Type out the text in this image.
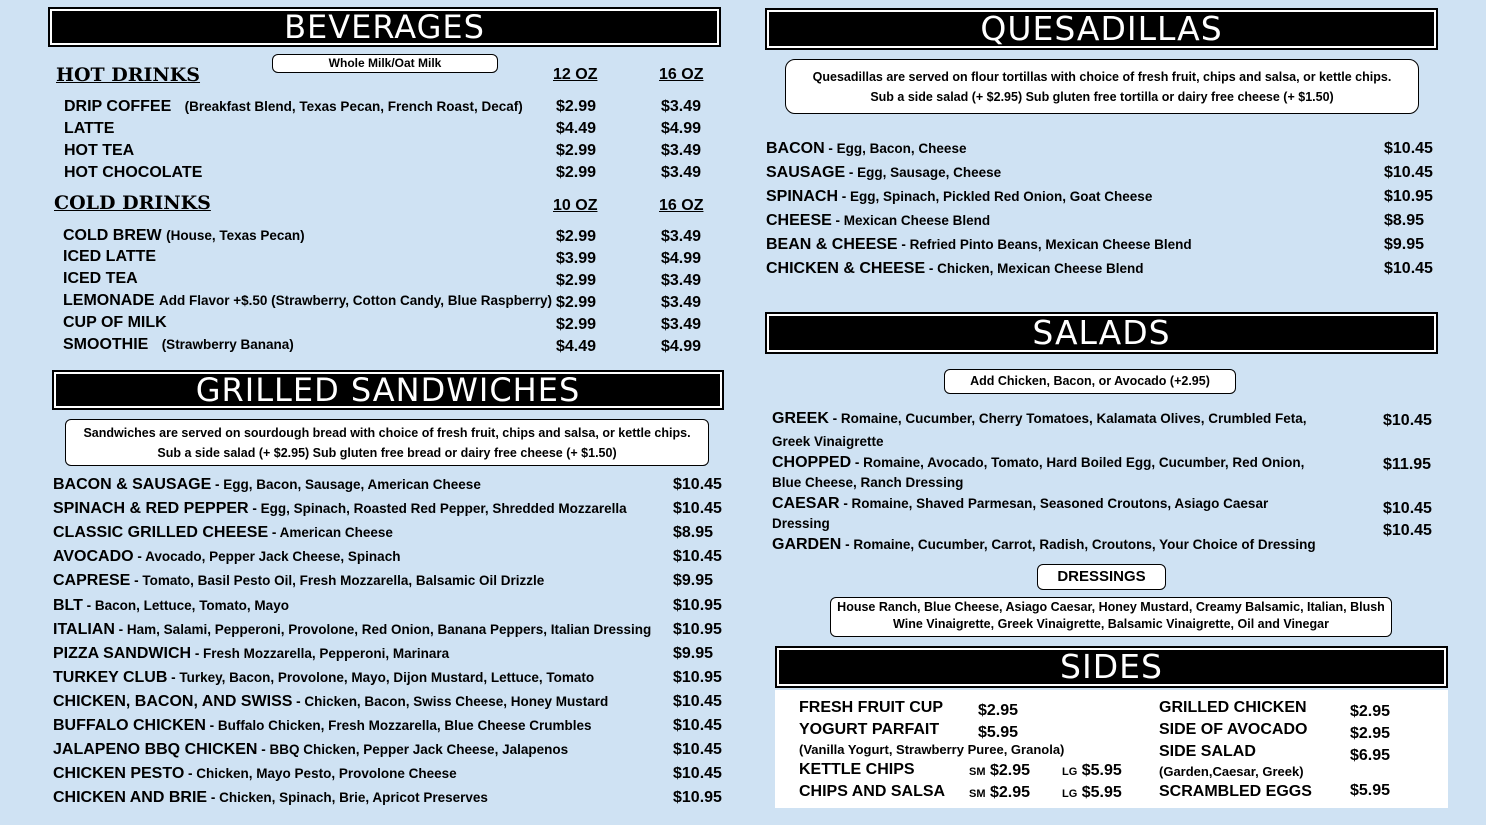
BEVERAGES
Whole Milk/Oat Milk
HOT DRINKS	12 OZ	16 OZ
DRIP COFFEE (Breakfast Blend, Texas Pecan, French Roast, Decaf) $2.99	$3.49
LATTE	$4.49	$4.99
HOT TEA	$2.99	$3.49
HOT CHOCOLATE	$2.99	$3.49
COLD DRINKS	10 OZ	16 OZ
COLD BREW (House, Texas Pecan)	$2.99	$3.49
ICED LATTE	$3.99	$4.99
ICED TEA	$2.99	$3.49
LEMONADE Add Flavor +$.50 (Strawberry, Cotton Candy, Blue Raspberry) $2.99	$3.49
CUP OF MILK	$2.99	$3.49
SMOOTHIE (Strawberry Banana)	$4.49	$4.99
GRILLED SANDWICHES
Sandwiches are served on sourdough bread with choice of fresh fruit, chips and salsa, or kettle chips.
Sub a side salad (+ $2.95) Sub gluten free bread or dairy free cheese (+ $1.50)
BACON & SAUSAGE - Egg, Bacon, Sausage, American Cheese	$10.45
SPINACH & RED PEPPER - Egg, Spinach, Roasted Red Pepper, Shredded Mozzarella	$10.45
CLASSIC GRILLED CHEESE - American Cheese	$8.95
AVOCADO - Avocado, Pepper Jack Cheese, Spinach	$10.45
CAPRESE - Tomato, Basil Pesto Oil, Fresh Mozzarella, Balsamic Oil Drizzle	$9.95
BLT - Bacon, Lettuce, Tomato, Mayo	$10.95
ITALIAN - Ham, Salami, Pepperoni, Provolone, Red Onion, Banana Peppers, Italian Dressing $10.95
PIZZA SANDWICH - Fresh Mozzarella, Pepperoni, Marinara	$9.95
TURKEY CLUB - Turkey, Bacon, Provolone, Mayo, Dijon Mustard, Lettuce, Tomato	$10.95
CHICKEN, BACON, AND SWISS - Chicken, Bacon, Swiss Cheese, Honey Mustard	$10.45
BUFFALO CHICKEN - Buffalo Chicken, Fresh Mozzarella, Blue Cheese Crumbles	$10.45
JALAPENO BBQ CHICKEN - BBQ Chicken, Pepper Jack Cheese, Jalapenos	$10.45
CHICKEN PESTO - Chicken, Mayo Pesto, Provolone Cheese	$10.45
CHICKEN AND BRIE - Chicken, Spinach, Brie, Apricot Preserves	$10.95
QUESADILLAS
Quesadillas are served on flour tortillas with choice of fresh fruit, chips and salsa, or kettle chips.
Sub a side salad (+ $2.95) Sub gluten free tortilla or dairy free cheese (+ $1.50)
BACON - Egg, Bacon, Cheese	$10.45
SAUSAGE - Egg, Sausage, Cheese	$10.45
SPINACH - Egg, Spinach, Pickled Red Onion, Goat Cheese	$10.95
CHEESE - Mexican Cheese Blend	$8.95
BEAN & CHEESE - Refried Pinto Beans, Mexican Cheese Blend	$9.95
CHICKEN & CHEESE - Chicken, Mexican Cheese Blend	$10.45
SALADS
Add Chicken, Bacon, or Avocado (+2.95)
GREEK - Romaine, Cucumber, Cherry Tomatoes, Kalamata Olives, Crumbled Feta,
Greek Vinaigrette
$10.45
CHOPPED - Romaine, Avocado, Tomato, Hard Boiled Egg, Cucumber, Red Onion,
Blue Cheese, Ranch Dressing
$11.95
CAESAR - Romaine, Shaved Parmesan, Seasoned Croutons, Asiago Caesar
Dressing
$10.45
GARDEN - Romaine, Cucumber, Carrot, Radish, Croutons, Your Choice of Dressing
$10.45
DRESSINGS
House Ranch, Blue Cheese, Asiago Caesar, Honey Mustard, Creamy Balsamic, Italian, Blush Wine Vinaigrette, Greek Vinaigrette, Balsamic Vinaigrette, Oil and Vinegar
SIDES
FRESH FRUIT CUP $2.95
YOGURT PARFAIT $5.95
(Vanilla Yogurt, Strawberry Puree, Granola)
KETTLE CHIPS	SM $2.95	LG $5.95
CHIPS AND SALSA SM $2.95	LG $5.95
GRILLED CHICKEN	$2.95
SIDE OF AVOCADO	$2.95
SIDE SALAD	$6.95
(Garden,Caesar, Greek)
SCRAMBLED EGGS $5.95
